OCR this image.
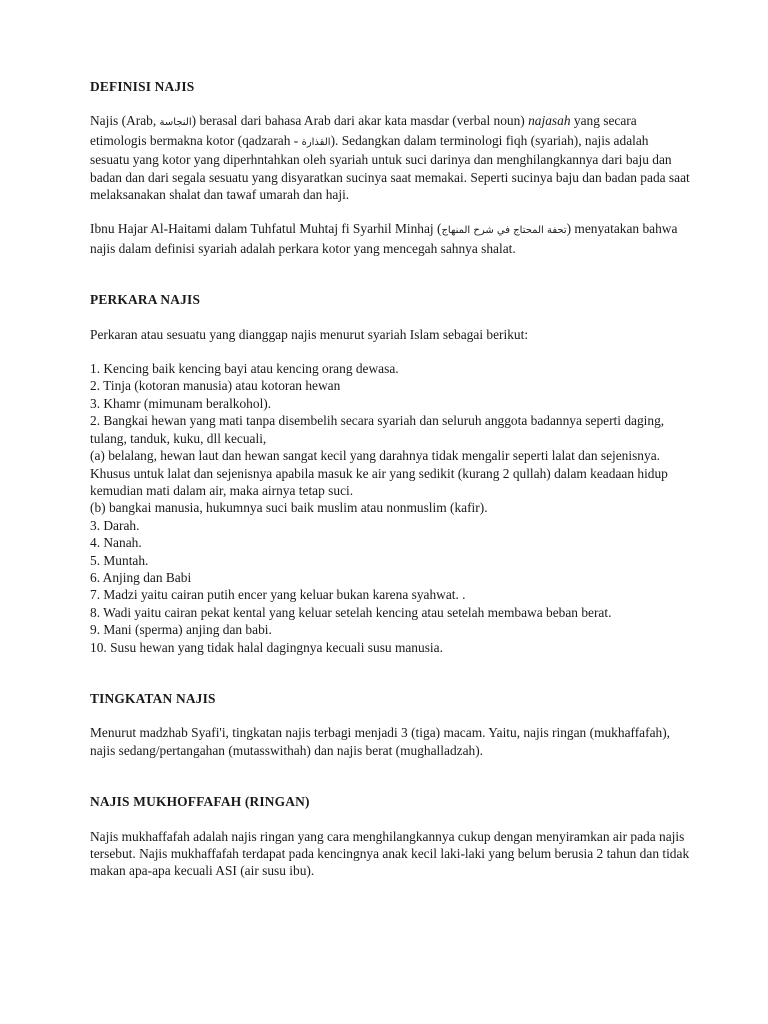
DEFINISI NAJIS

Najis (Arab, النجاسة) berasal dari bahasa Arab dari akar kata masdar (verbal noun) najasah yang secara etimologis bermakna kotor (qadzarah - القذارة). Sedangkan dalam terminologi fiqh (syariah), najis adalah sesuatu yang kotor yang diperhntahkan oleh syariah untuk suci darinya dan menghilangkannya dari baju dan badan dan dari segala sesuatu yang disyaratkan sucinya saat memakai. Seperti sucinya baju dan badan pada saat melaksanakan shalat dan tawaf umarah dan haji.

Ibnu Hajar Al-Haitami dalam Tuhfatul Muhtaj fi Syarhil Minhaj (تحفة المحتاج في شرح المنهاج) menyatakan bahwa najis dalam definisi syariah adalah perkara kotor yang mencegah sahnya shalat.

PERKARA NAJIS

Perkaran atau sesuatu yang dianggap najis menurut syariah Islam sebagai berikut:

1. Kencing baik kencing bayi atau kencing orang dewasa.

2. Tinja (kotoran manusia) atau kotoran hewan

3. Khamr (mimunam beralkohol).

2. Bangkai hewan yang mati tanpa disembelih secara syariah dan seluruh anggota badannya seperti daging, tulang, tanduk, kuku, dll kecuali,

(a) belalang, hewan laut dan hewan sangat kecil yang darahnya tidak mengalir seperti lalat dan sejenisnya. Khusus untuk lalat dan sejenisnya apabila masuk ke air yang sedikit (kurang 2 qullah) dalam keadaan hidup kemudian mati dalam air, maka airnya tetap suci.

(b) bangkai manusia, hukumnya suci baik muslim atau nonmuslim (kafir).

3. Darah.

4. Nanah.

5. Muntah.

6. Anjing dan Babi

7. Madzi yaitu cairan putih encer yang keluar bukan karena syahwat. .

8. Wadi yaitu cairan pekat kental yang keluar setelah kencing atau setelah membawa beban berat.

9. Mani (sperma) anjing dan babi.

10. Susu hewan yang tidak halal dagingnya kecuali susu manusia.

TINGKATAN NAJIS

Menurut madzhab Syafi'i, tingkatan najis terbagi menjadi 3 (tiga) macam. Yaitu, najis ringan (mukhaffafah), najis sedang/pertangahan (mutasswithah) dan najis berat (mughalladzah).

NAJIS MUKHOFFAFAH (RINGAN)

Najis mukhaffafah adalah najis ringan yang cara menghilangkannya cukup dengan menyiramkan air pada najis tersebut. Najis mukhaffafah terdapat pada kencingnya anak kecil laki-laki yang belum berusia 2 tahun dan tidak makan apa-apa kecuali ASI (air susu ibu).
